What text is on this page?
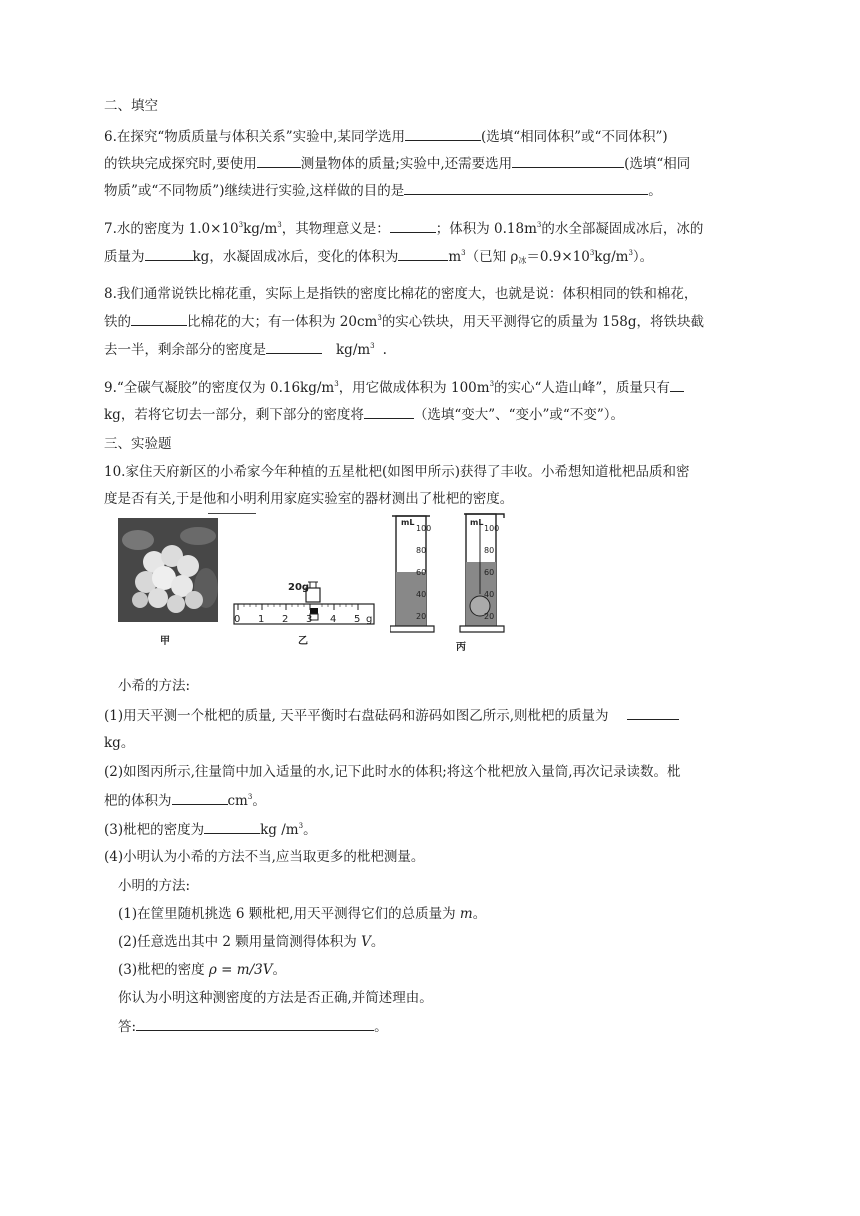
二、填空
6.在探究“物质质量与体积关系”实验中,某同学选用	(选填“相同体积”或“不同体积”)
的铁块完成探究时,要使用	测量物体的质量;实验中,还需要选用	(选填“相同
物质”或“不同物质”)继续进行实验,这样做的目的是	。
7.水的密度为 $1.0\times 10^3kg/m^3$，其物理意义是：	；体积为 $0.18m^3$的水全部凝固成冰后，冰的
质量为	kg，水凝固成冰后，变化的体积为	$m^3$（已知 $\rho_冰=0.9\times 10^3kg/m^3$）。
8.我们通常说铁比棉花重，实际上是指铁的密度比棉花的密度大，也就是说：体积相同的铁和棉花，
铁的	比棉花的大；有一体积为 $20cm^3$的实心铁块，用天平测得它的质量为 158g，将铁块截
去一半，剩余部分的密度是	$kg/m^3$ .
9.“全碳气凝胶”的密度仅为 $0.16kg/m^3$，用它做成体积为 $100m^3$的实心“人造山峰”，质量只有
kg，若将它切去一部分，剩下部分的密度将	（选填“变大”、“变小”或“不变”）。
三、实验题
10.家住天府新区的小希家今年种植的五星枇杷(如图甲所示)获得了丰收。小希想知道枇杷品质和密
度是否有关,于是他和小明利用家庭实验室的器材测出了枇杷的密度。
甲
20g
0 1 2 3 4 5 g
乙
mL
100
80
60
40
20
mL
100
80
60
40
20
丙
小希的方法:
(1)用天平测一个枇杷的质量, 天平平衡时右盘砝码和游码如图乙所示,则枇杷的质量为
kg。
(2)如图丙所示,往量筒中加入适量的水,记下此时水的体积;将这个枇杷放入量筒,再次记录读数。枇
杷的体积为	$cm^3$。
(3)枇杷的密度为	kg $/m^3$。
(4)小明认为小希的方法不当,应当取更多的枇杷测量。
小明的方法:
(1)在筐里随机挑选 6 颗枇杷,用天平测得它们的总质量为 m。
(2)任意选出其中 2 颗用量筒测得体积为 V。
(3)枇杷的密度 ρ = m/3V。
你认为小明这种测密度的方法是否正确,并简述理由。
答:	。
